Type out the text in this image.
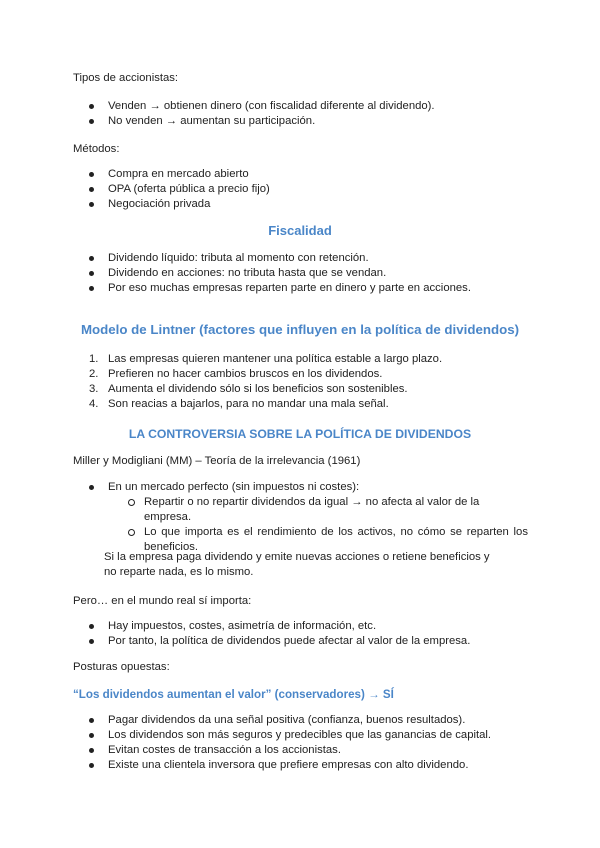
Tipos de accionistas:

Venden → obtienen dinero (con fiscalidad diferente al dividendo).
No venden → aumentan su participación.

Métodos:

Compra en mercado abierto
OPA (oferta pública a precio fijo)
Negociación privada
Fiscalidad
Dividendo líquido: tributa al momento con retención.
Dividendo en acciones: no tributa hasta que se vendan.
Por eso muchas empresas reparten parte en dinero y parte en acciones.
Modelo de Lintner (factores que influyen en la política de dividendos)
1. Las empresas quieren mantener una política estable a largo plazo.
2. Prefieren no hacer cambios bruscos en los dividendos.
3. Aumenta el dividendo sólo si los beneficios son sostenibles.
4. Son reacias a bajarlos, para no mandar una mala señal.
LA CONTROVERSIA SOBRE LA POLÍTICA DE DIVIDENDOS

Miller y Modigliani (MM) – Teoría de la irrelevancia (1961)

En un mercado perfecto (sin impuestos ni costes):
Repartir o no repartir dividendos da igual → no afecta al valor de la empresa.
Lo que importa es el rendimiento de los activos, no cómo se reparten los beneficios.

Si la empresa paga dividendo y emite nuevas acciones o retiene beneficios y no reparte nada, es lo mismo.

Pero… en el mundo real sí importa:

Hay impuestos, costes, asimetría de información, etc.
Por tanto, la política de dividendos puede afectar al valor de la empresa.

Posturas opuestas:

“Los dividendos aumentan el valor” (conservadores) → SÍ
Pagar dividendos da una señal positiva (confianza, buenos resultados).
Los dividendos son más seguros y predecibles que las ganancias de capital.
Evitan costes de transacción a los accionistas.
Existe una clientela inversora que prefiere empresas con alto dividendo.
